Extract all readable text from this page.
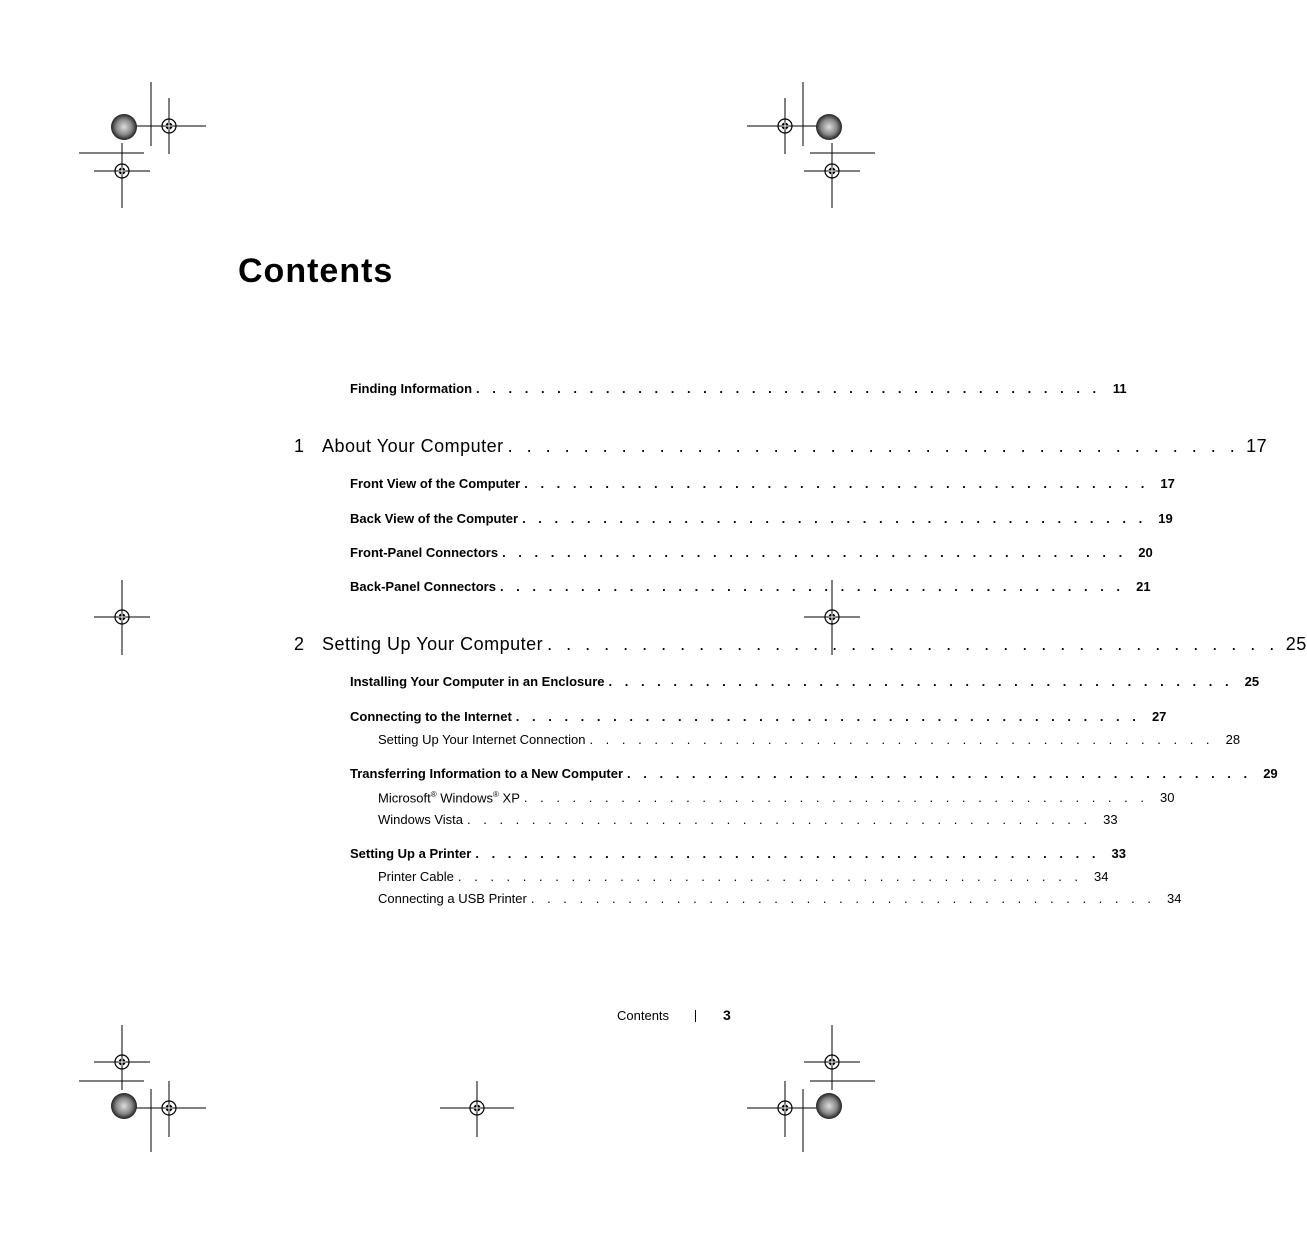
Contents
Finding Information . . . . . . . . . . . . . . . . . . . . . . . . . . . . . . . . . . . . . . . 11
1 About Your Computer . . . . . . . . . . . . . . . . . . . . . . . . . . . . . . . . . . . . . . . 17
Front View of the Computer . . . . . . . . . . . . . . . . . . . . . . . . . . . . . . . . . . . . . . . 17
Back View of the Computer . . . . . . . . . . . . . . . . . . . . . . . . . . . . . . . . . . . . . . . 19
Front-Panel Connectors . . . . . . . . . . . . . . . . . . . . . . . . . . . . . . . . . . . . . . . 20
Back-Panel Connectors . . . . . . . . . . . . . . . . . . . . . . . . . . . . . . . . . . . . . . . 21
2 Setting Up Your Computer . . . . . . . . . . . . . . . . . . . . . . . . . . . . . . . . . . . . . . . 25
Installing Your Computer in an Enclosure . . . . . . . . . . . . . . . . . . . . . . . . . . . . . . . . . . . . . . . 25
Connecting to the Internet . . . . . . . . . . . . . . . . . . . . . . . . . . . . . . . . . . . . . . . 27
Setting Up Your Internet Connection . . . . . . . . . . . . . . . . . . . . . . . . . . . . . . . . . . . . . . . 28
Transferring Information to a New Computer . . . . . . . . . . . . . . . . . . . . . . . . . . . . . . . . . . . . . . . 29
Microsoft® Windows® XP . . . . . . . . . . . . . . . . . . . . . . . . . . . . . . . . . . . . . . . 30
Windows Vista . . . . . . . . . . . . . . . . . . . . . . . . . . . . . . . . . . . . . . . 33
Setting Up a Printer . . . . . . . . . . . . . . . . . . . . . . . . . . . . . . . . . . . . . . . 33
Printer Cable . . . . . . . . . . . . . . . . . . . . . . . . . . . . . . . . . . . . . . . 34
Connecting a USB Printer . . . . . . . . . . . . . . . . . . . . . . . . . . . . . . . . . . . . . . . 34
Contents	3
